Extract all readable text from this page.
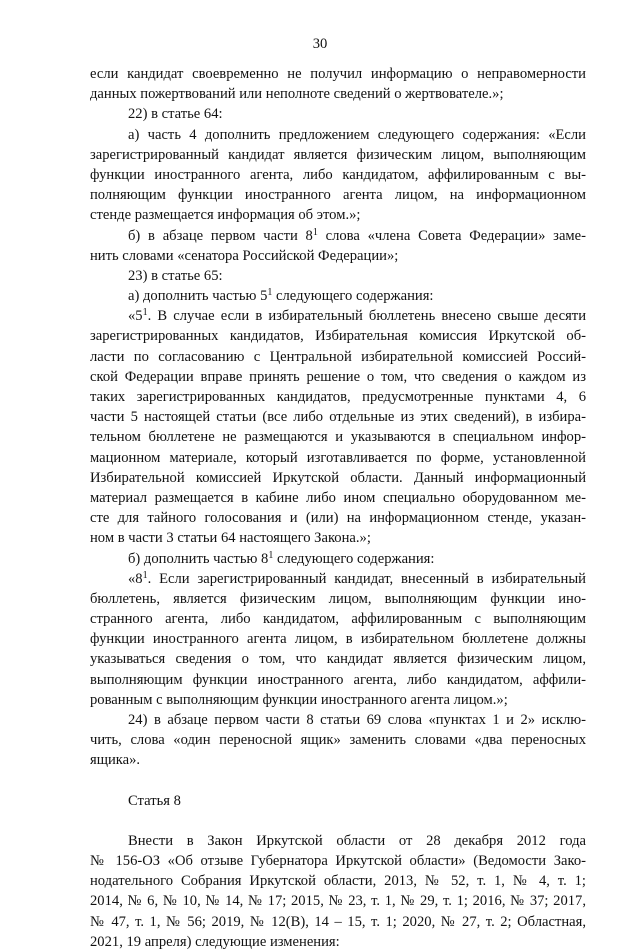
30
если кандидат своевременно не получил информацию о неправомерности
данных пожертвований или неполноте сведений о жертвователе.»;
22) в статье 64:
а) часть 4 дополнить предложением следующего содержания: «Если
зарегистрированный кандидат является физическим лицом, выполняющим
функции иностранного агента, либо кандидатом, аффилированным с вы-
полняющим функции иностранного агента лицом, на информационном
стенде размещается информация об этом.»;
б) в абзаце первом части $8^1$ слова «члена Совета Федерации» заме-
нить словами «сенатора Российской Федерации»;
23) в статье 65:
а) дополнить частью $5^1$ следующего содержания:
«$5^1$. В случае если в избирательный бюллетень внесено свыше десяти
зарегистрированных кандидатов, Избирательная комиссия Иркутской об-
ласти по согласованию с Центральной избирательной комиссией Россий-
ской Федерации вправе принять решение о том, что сведения о каждом из
таких зарегистрированных кандидатов, предусмотренные пунктами 4, 6
части 5 настоящей статьи (все либо отдельные из этих сведений), в избира-
тельном бюллетене не размещаются и указываются в специальном инфор-
мационном материале, который изготавливается по форме, установленной
Избирательной комиссией Иркутской области. Данный информационный
материал размещается в кабине либо ином специально оборудованном ме-
сте для тайного голосования и (или) на информационном стенде, указан-
ном в части 3 статьи 64 настоящего Закона.»;
б) дополнить частью $8^1$ следующего содержания:
«$8^1$. Если зарегистрированный кандидат, внесенный в избирательный
бюллетень, является физическим лицом, выполняющим функции ино-
странного агента, либо кандидатом, аффилированным с выполняющим
функции иностранного агента лицом, в избирательном бюллетене должны
указываться сведения о том, что кандидат является физическим лицом,
выполняющим функции иностранного агента, либо кандидатом, аффили-
рованным с выполняющим функции иностранного агента лицом.»;
24) в абзаце первом части 8 статьи 69 слова «пунктах 1 и 2» исклю-
чить, слова «один переносной ящик» заменить словами «два переносных
ящика».
Статья 8
Внести в Закон Иркутской области от 28 декабря 2012 года
№ 156-ОЗ «Об отзыве Губернатора Иркутской области» (Ведомости Зако-
нодательного Собрания Иркутской области, 2013, № 52, т. 1, № 4, т. 1;
2014, № 6, № 10, № 14, № 17; 2015, № 23, т. 1, № 29, т. 1; 2016, № 37; 2017,
№ 47, т. 1, № 56; 2019, № 12(В), 14 – 15, т. 1; 2020, № 27, т. 2; Областная,
2021, 19 апреля) следующие изменения:
